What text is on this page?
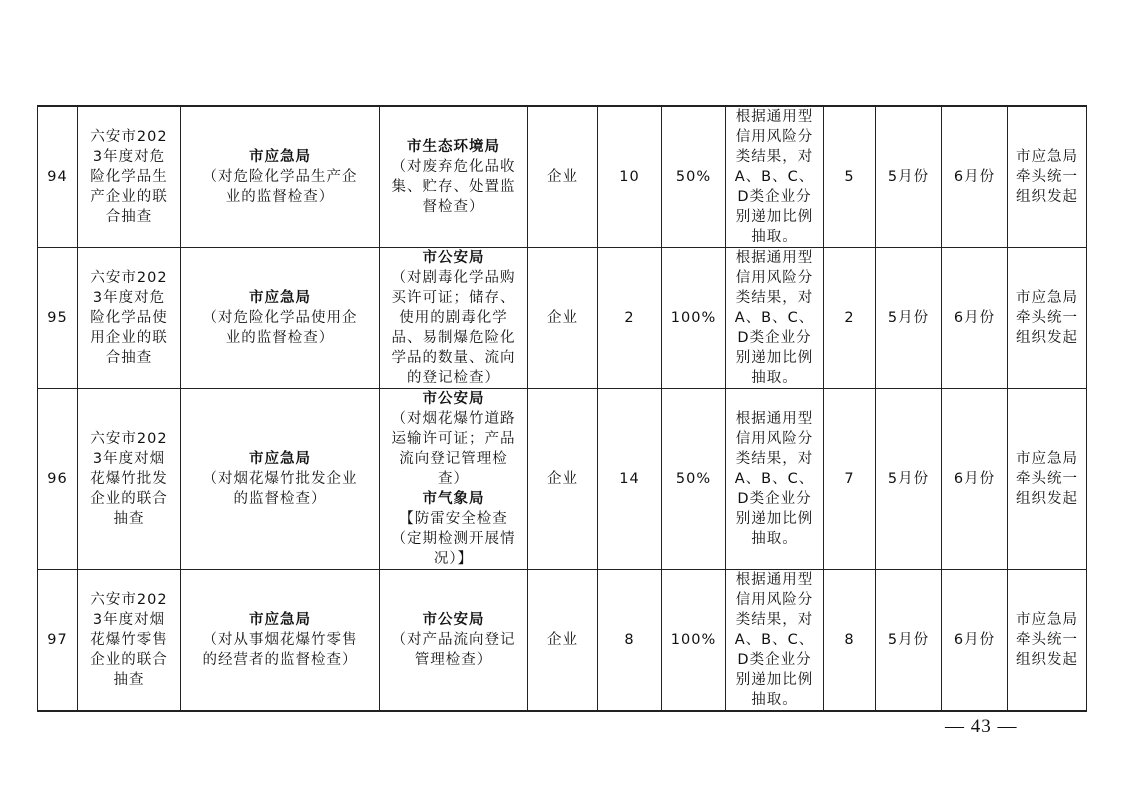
94	六安市2023年度对危险化学品生产企业的联合抽查	市应急局
（对危险化学品生产企业的监督检查）	市生态环境局
（对废弃危化品收集、贮存、处置监督检查）	企业	10	50%	根据通用型信用风险分类结果，对A、B、C、D类企业分别递加比例抽取。	5	5月份	6月份	市应急局牵头统一组织发起
95	六安市2023年度对危险化学品使用企业的联合抽查	市应急局
（对危险化学品使用企业的监督检查）	市公安局
（对剧毒化学品购买许可证；储存、使用的剧毒化学品、易制爆危险化学品的数量、流向的登记检查）	企业	2	100%	根据通用型信用风险分类结果，对A、B、C、D类企业分别递加比例抽取。	2	5月份	6月份	市应急局牵头统一组织发起
96	六安市2023年度对烟花爆竹批发企业的联合抽查	市应急局
（对烟花爆竹批发企业的监督检查）	市公安局
（对烟花爆竹道路运输许可证；产品流向登记管理检查）
市气象局
【防雷安全检查（定期检测开展情况）】	企业	14	50%	根据通用型信用风险分类结果，对A、B、C、D类企业分别递加比例抽取。	7	5月份	6月份	市应急局牵头统一组织发起
97	六安市2023年度对烟花爆竹零售企业的联合抽查	市应急局
（对从事烟花爆竹零售的经营者的监督检查）	市公安局
（对产品流向登记管理检查）	企业	8	100%	根据通用型信用风险分类结果，对A、B、C、D类企业分别递加比例抽取。	8	5月份	6月份	市应急局牵头统一组织发起
— 43 —
